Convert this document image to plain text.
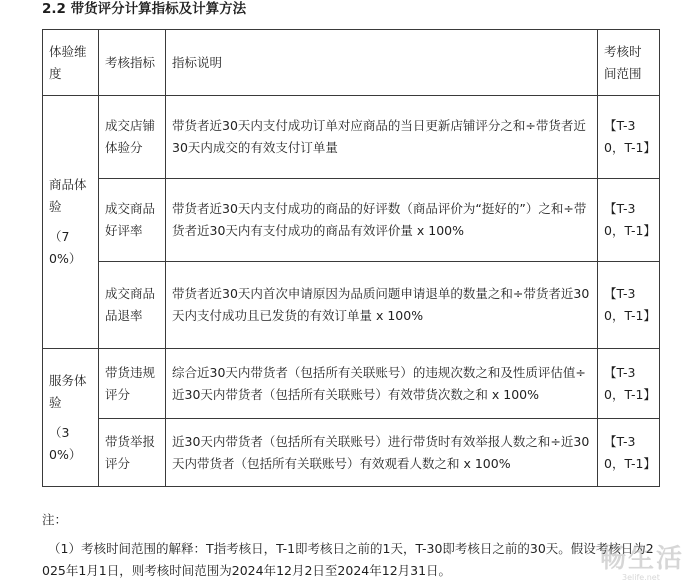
2.2 带货评分计算指标及计算方法
体验维度	考核指标	指标说明	考核时间范围

商品体验
（70%）	成交店铺体验分	带货者近30天内支付成功订单对应商品的当日更新店铺评分之和÷带货者近30天内成交的有效支付订单量	【T-30，T-1】
	成交商品好评率	带货者近30天内支付成功的商品的好评数（商品评价为“挺好的”）之和÷带货者近30天内有支付成功的商品有效评价量 x 100%	【T-30，T-1】
	成交商品品退率	带货者近30天内首次申请原因为品质问题申请退单的数量之和÷带货者近30天内支付成功且已发货的有效订单量 x 100%	【T-30，T-1】

服务体验
（30%）	带货违规评分	综合近30天内带货者（包括所有关联账号）的违规次数之和及性质评估值÷近30天内带货者（包括所有关联账号）有效带货次数之和 x 100%	【T-30，T-1】
	带货举报评分	近30天内带货者（包括所有关联账号）进行带货时有效举报人数之和÷近30天内带货者（包括所有关联账号）有效观看人数之和 x 100%	【T-30，T-1】
注：
（1）考核时间范围的解释：T指考核日，T-1即考核日之前的1天，T-30即考核日之前的30天。假设考核日为2025年1月1日，则考核时间范围为2024年12月2日至2024年12月31日。	畅生活
3elife.net
